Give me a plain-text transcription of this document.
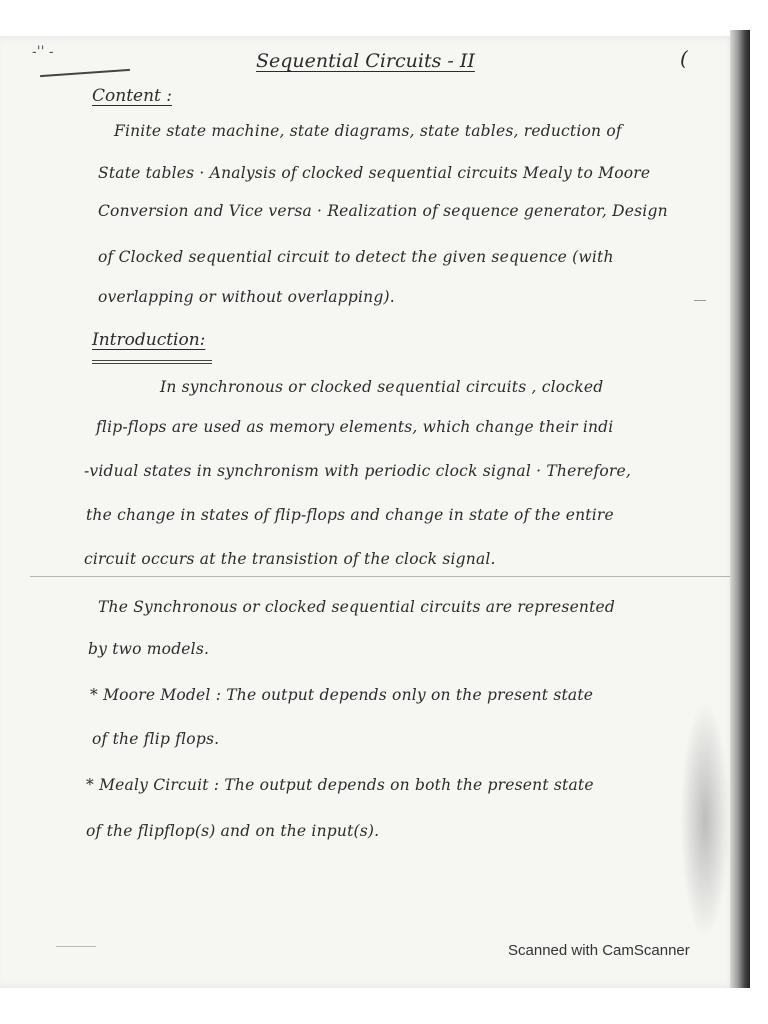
-'' -	Sequential Circuits - II	(
Content :
Finite state machine, state diagrams, state tables, reduction of
State tables · Analysis of clocked sequential circuits Mealy to Moore
Conversion and Vice versa · Realization of sequence generator, Design
of Clocked sequential circuit to detect the given sequence (with
overlapping or without overlapping).
Introduction:
In synchronous or clocked sequential circuits , clocked
flip-flops are used as memory elements, which change their indi
-vidual states in synchronism with periodic clock signal · Therefore,
the change in states of flip-flops and change in state of the entire
circuit occurs at the transistion of the clock signal.
The Synchronous or clocked sequential circuits are represented
by two models.
* Moore Model : The output depends only on the present state
of the flip flops.
* Mealy Circuit : The output depends on both the present state
of the flipflop(s) and on the input(s).
Scanned with CamScanner
